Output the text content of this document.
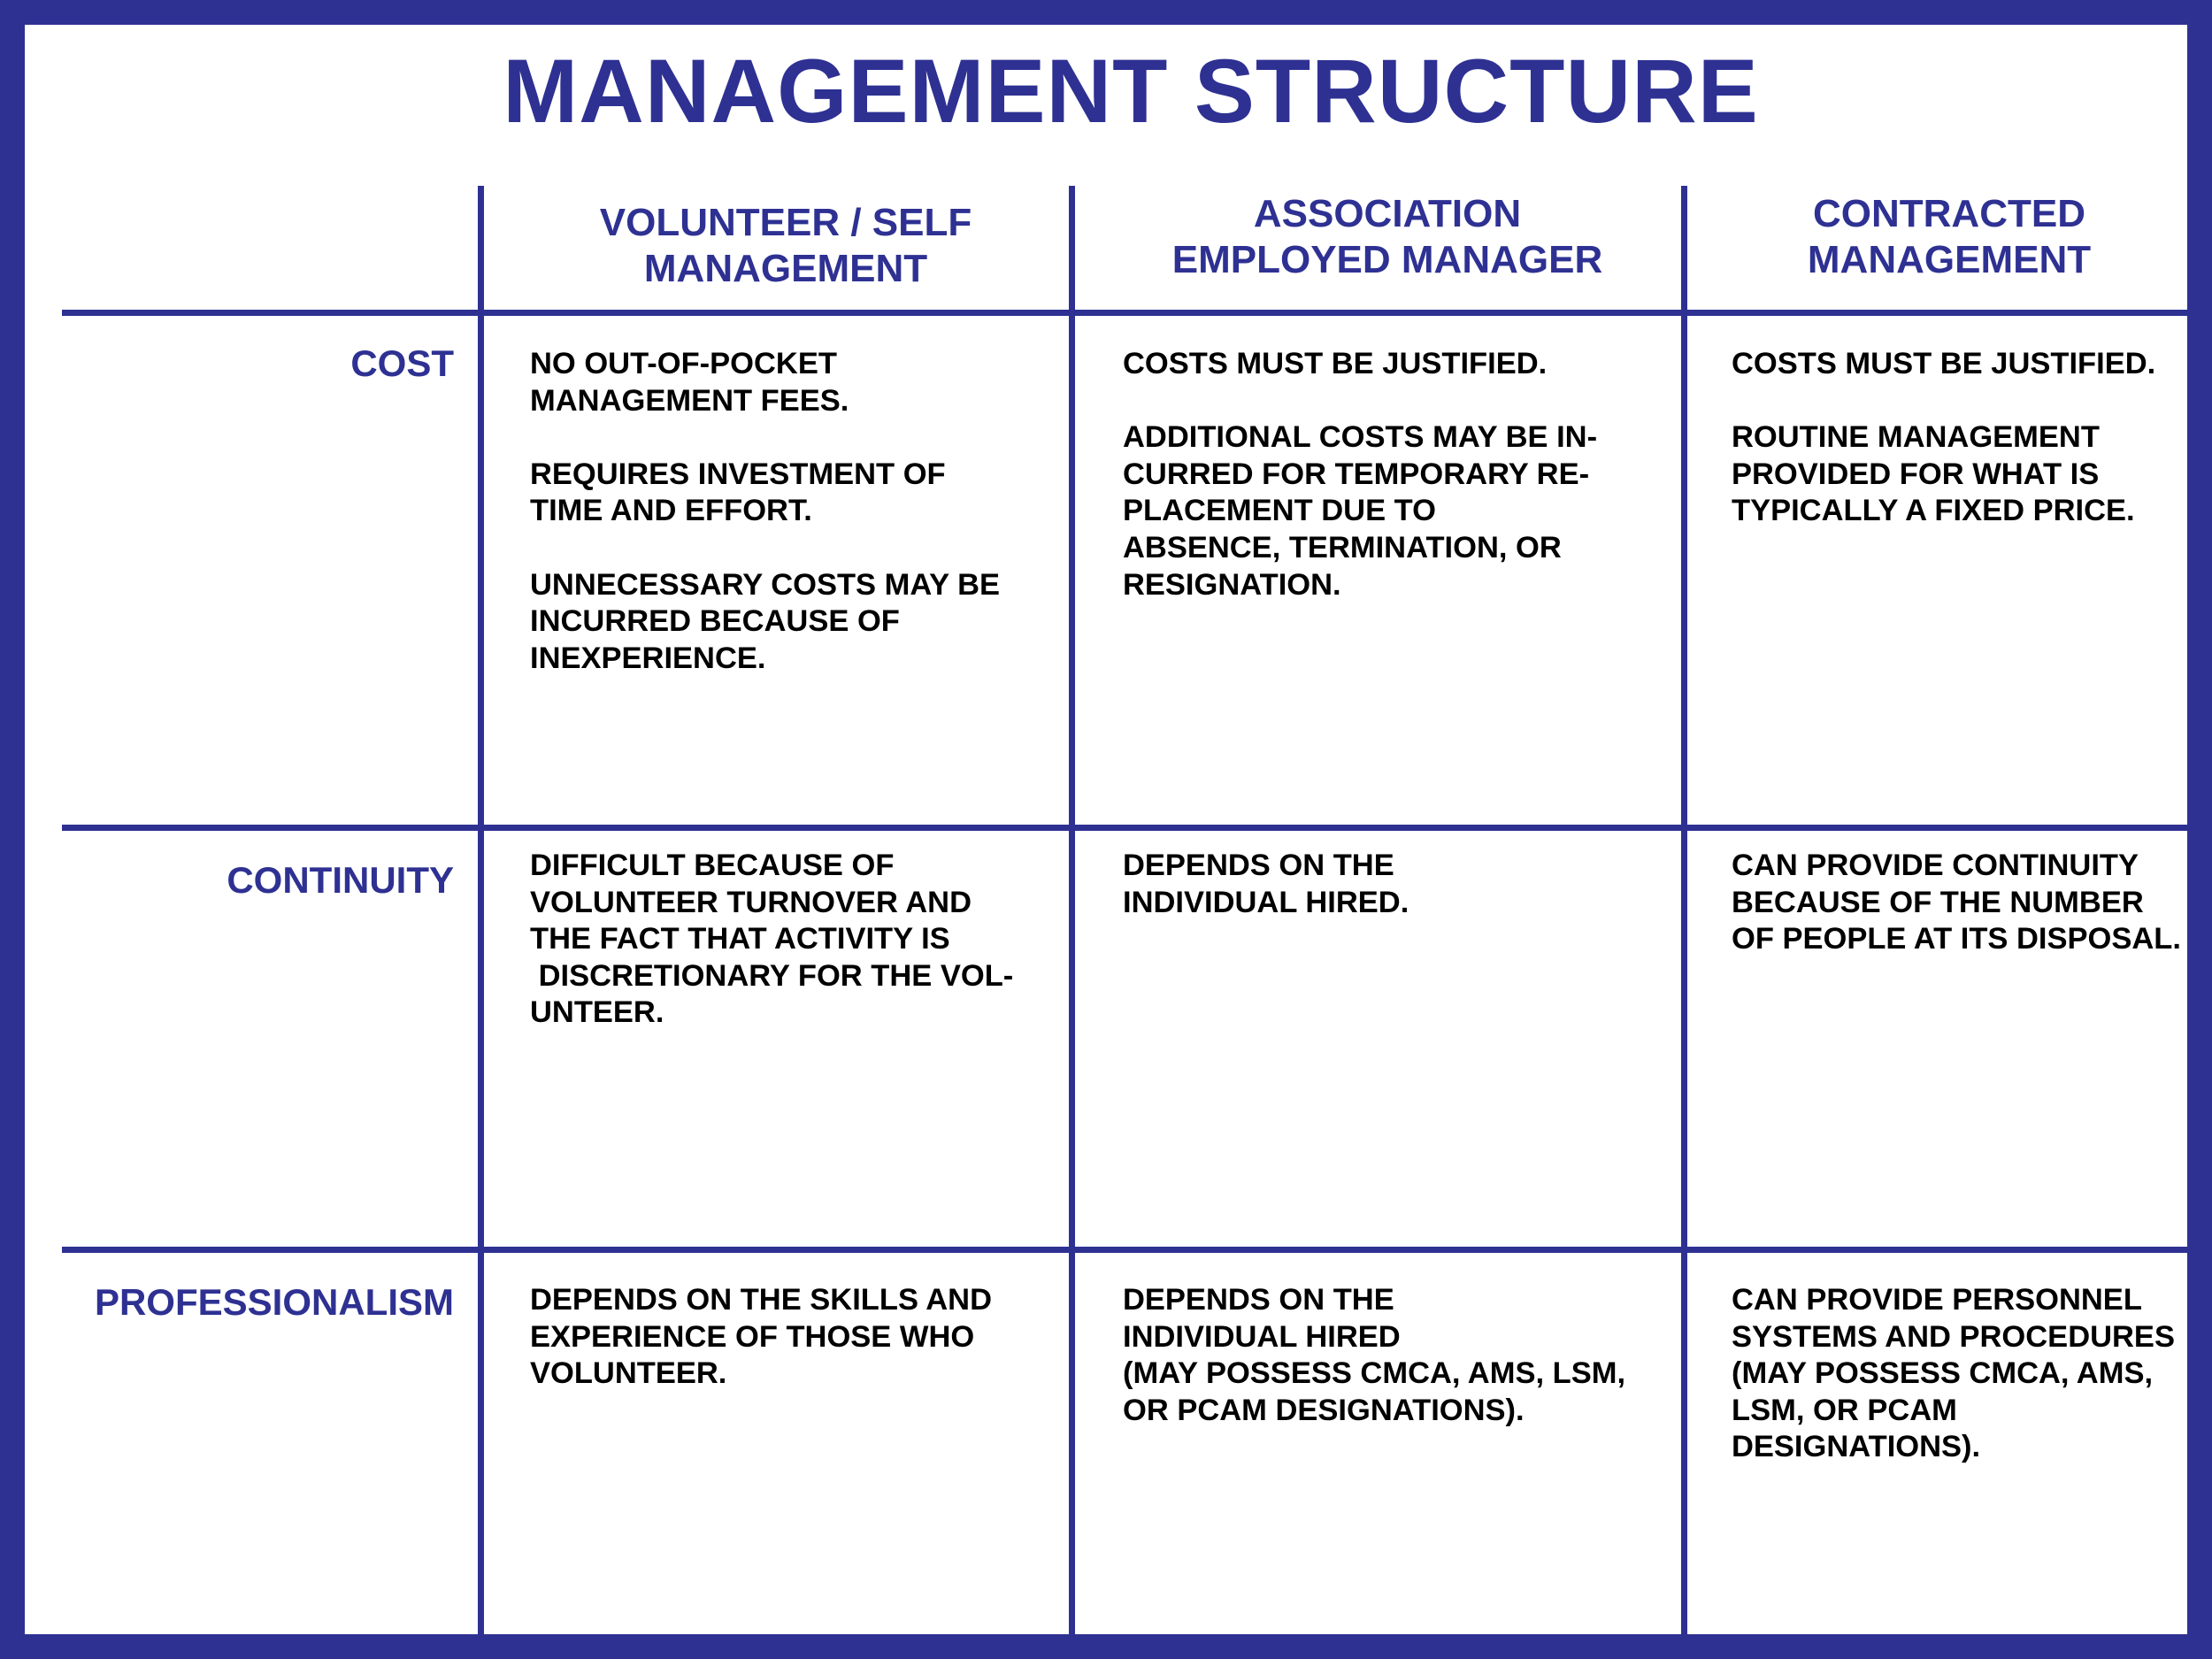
MANAGEMENT STRUCTURE
VOLUNTEER / SELF
MANAGEMENT
ASSOCIATION
EMPLOYED MANAGER
CONTRACTED
MANAGEMENT
COST
CONTINUITY
PROFESSIONALISM
NO OUT-OF-POCKET
MANAGEMENT FEES.

REQUIRES INVESTMENT OF
TIME AND EFFORT.

UNNECESSARY COSTS MAY BE
INCURRED BECAUSE OF
INEXPERIENCE.
COSTS MUST BE JUSTIFIED.

ADDITIONAL COSTS MAY BE IN-
CURRED FOR TEMPORARY RE-
PLACEMENT DUE TO
ABSENCE, TERMINATION, OR
RESIGNATION.
COSTS MUST BE JUSTIFIED.

ROUTINE MANAGEMENT
PROVIDED FOR WHAT IS
TYPICALLY A FIXED PRICE.
DIFFICULT BECAUSE OF
VOLUNTEER TURNOVER AND
THE FACT THAT ACTIVITY IS
DISCRETIONARY FOR THE VOL-
UNTEER.
DEPENDS ON THE
INDIVIDUAL HIRED.
CAN PROVIDE CONTINUITY
BECAUSE OF THE NUMBER
OF PEOPLE AT ITS DISPOSAL.
DEPENDS ON THE SKILLS AND
EXPERIENCE OF THOSE WHO
VOLUNTEER.
DEPENDS ON THE
INDIVIDUAL HIRED
(MAY POSSESS CMCA, AMS, LSM,
OR PCAM DESIGNATIONS).
CAN PROVIDE PERSONNEL
SYSTEMS AND PROCEDURES
(MAY POSSESS CMCA, AMS,
LSM, OR PCAM
DESIGNATIONS).
